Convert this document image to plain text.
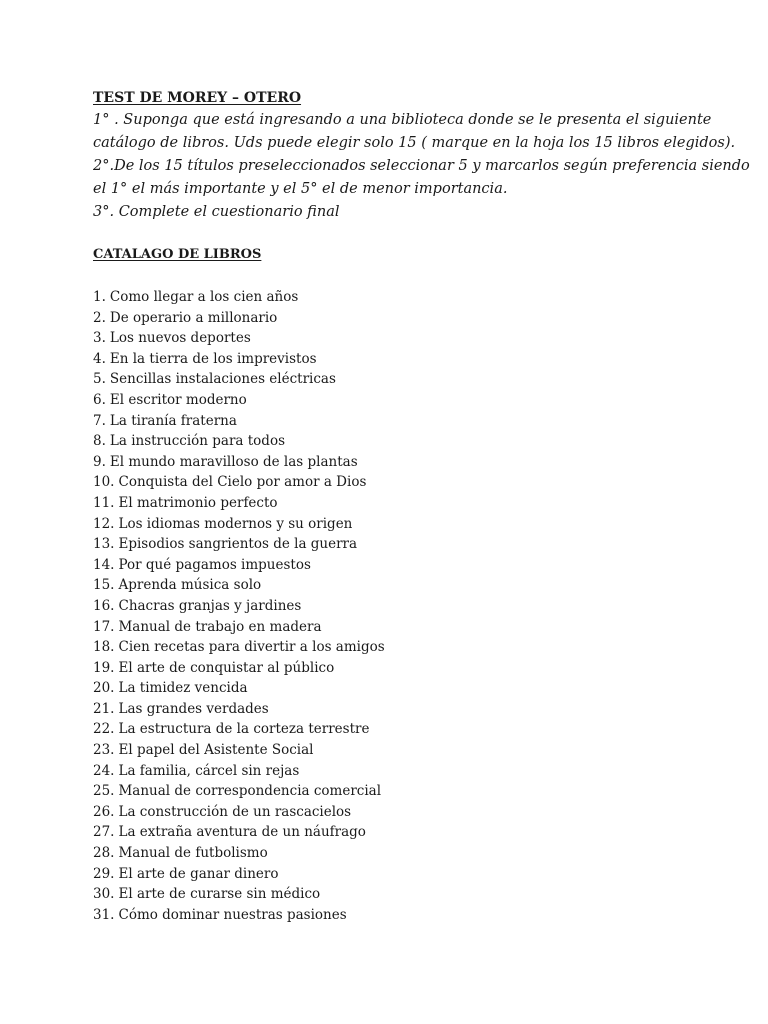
TEST DE MOREY – OTERO

1° . Suponga que está ingresando a una biblioteca donde se le presenta el siguiente
catálogo de libros. Uds puede elegir solo 15 ( marque en la hoja los 15 libros elegidos).
2°.De los 15 títulos preseleccionados seleccionar 5 y marcarlos según preferencia siendo
el 1° el más importante y el 5° el de menor importancia.
3°. Complete el cuestionario final

CATALAGO DE LIBROS
1. Como llegar a los cien años
2. De operario a millonario
3. Los nuevos deportes
4. En la tierra de los imprevistos
5. Sencillas instalaciones eléctricas
6. El escritor moderno
7. La tiranía fraterna
8. La instrucción para todos
9. El mundo maravilloso de las plantas
10. Conquista del Cielo por amor a Dios
11. El matrimonio perfecto
12. Los idiomas modernos y su origen
13. Episodios sangrientos de la guerra
14. Por qué pagamos impuestos
15. Aprenda música solo
16. Chacras granjas y jardines
17. Manual de trabajo en madera
18. Cien recetas para divertir a los amigos
19. El arte de conquistar al público
20. La timidez vencida
21. Las grandes verdades
22. La estructura de la corteza terrestre
23. El papel del Asistente Social
24. La familia, cárcel sin rejas
25. Manual de correspondencia comercial
26. La construcción de un rascacielos
27. La extraña aventura de un náufrago
28. Manual de futbolismo
29. El arte de ganar dinero
30. El arte de curarse sin médico
31. Cómo dominar nuestras pasiones
